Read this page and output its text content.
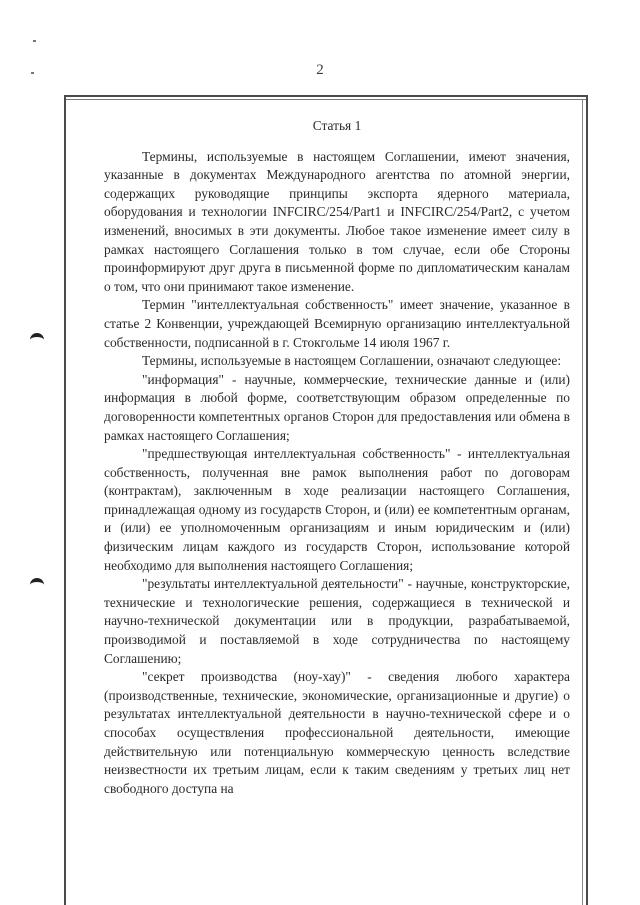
2
Статья 1

Термины, используемые в настоящем Соглашении, имеют значения, указанные в документах Международного агентства по атомной энергии, содержащих руководящие принципы экспорта ядерного материала, оборудования и технологии INFCIRC/254/Part1 и INFCIRC/254/Part2, с учетом изменений, вносимых в эти документы. Любое такое изменение имеет силу в рамках настоящего Соглашения только в том случае, если обе Стороны проинформируют друг друга в письменной форме по дипломатическим каналам о том, что они принимают такое изменение.

Термин "интеллектуальная собственность" имеет значение, указанное в статье 2 Конвенции, учреждающей Всемирную организацию интеллектуальной собственности, подписанной в г. Стокгольме 14 июля 1967 г.

Термины, используемые в настоящем Соглашении, означают следующее:

"информация" - научные, коммерческие, технические данные и (или) информация в любой форме, соответствующим образом определенные по договоренности компетентных органов Сторон для предоставления или обмена в рамках настоящего Соглашения;

"предшествующая интеллектуальная собственность" - интеллектуальная собственность, полученная вне рамок выполнения работ по договорам (контрактам), заключенным в ходе реализации настоящего Соглашения, принадлежащая одному из государств Сторон, и (или) ее компетентным органам, и (или) ее уполномоченным организациям и иным юридическим и (или) физическим лицам каждого из государств Сторон, использование которой необходимо для выполнения настоящего Соглашения;

"результаты интеллектуальной деятельности" - научные, конструкторские, технические и технологические решения, содержащиеся в технической и научно-технической документации или в продукции, разрабатываемой, производимой и поставляемой в ходе сотрудничества по настоящему Соглашению;

"секрет производства (ноу-хау)" - сведения любого характера (производственные, технические, экономические, организационные и другие) о результатах интеллектуальной деятельности в научно-технической сфере и о способах осуществления профессиональной деятельности, имеющие действительную или потенциальную коммерческую ценность вследствие неизвестности их третьим лицам, если к таким сведениям у третьих лиц нет свободного доступа на
